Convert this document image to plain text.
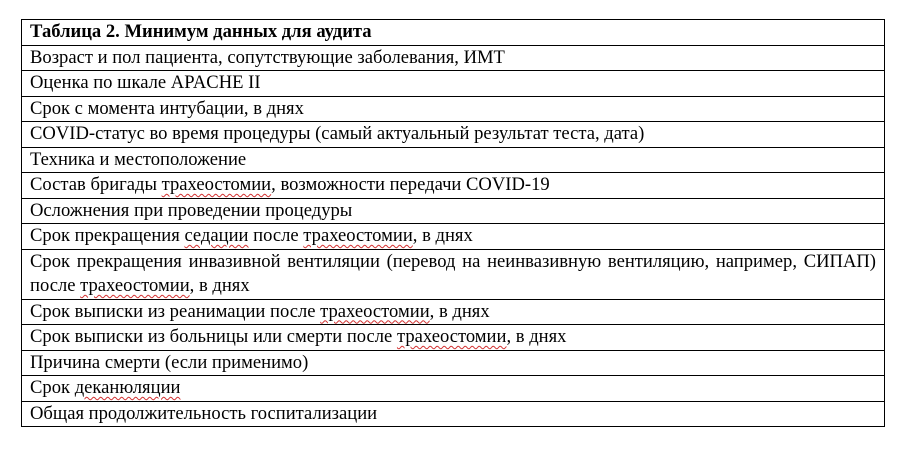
Таблица 2. Минимум данных для аудита
Возраст и пол пациента, сопутствующие заболевания, ИМТ
Оценка по шкале APACHE II
Срок с момента интубации, в днях
COVID-статус во время процедуры (самый актуальный результат теста, дата)
Техника и местоположение
Состав бригады трахеостомии, возможности передачи COVID-19
Осложнения при проведении процедуры
Срок прекращения седации после трахеостомии, в днях
Срок прекращения инвазивной вентиляции (перевод на неинвазивную вентиляцию, например, СИПАП) после трахеостомии, в днях
Срок выписки из реанимации после трахеостомии, в днях
Срок выписки из больницы или смерти после трахеостомии, в днях
Причина смерти (если применимо)
Срок деканюляции
Общая продолжительность госпитализации
